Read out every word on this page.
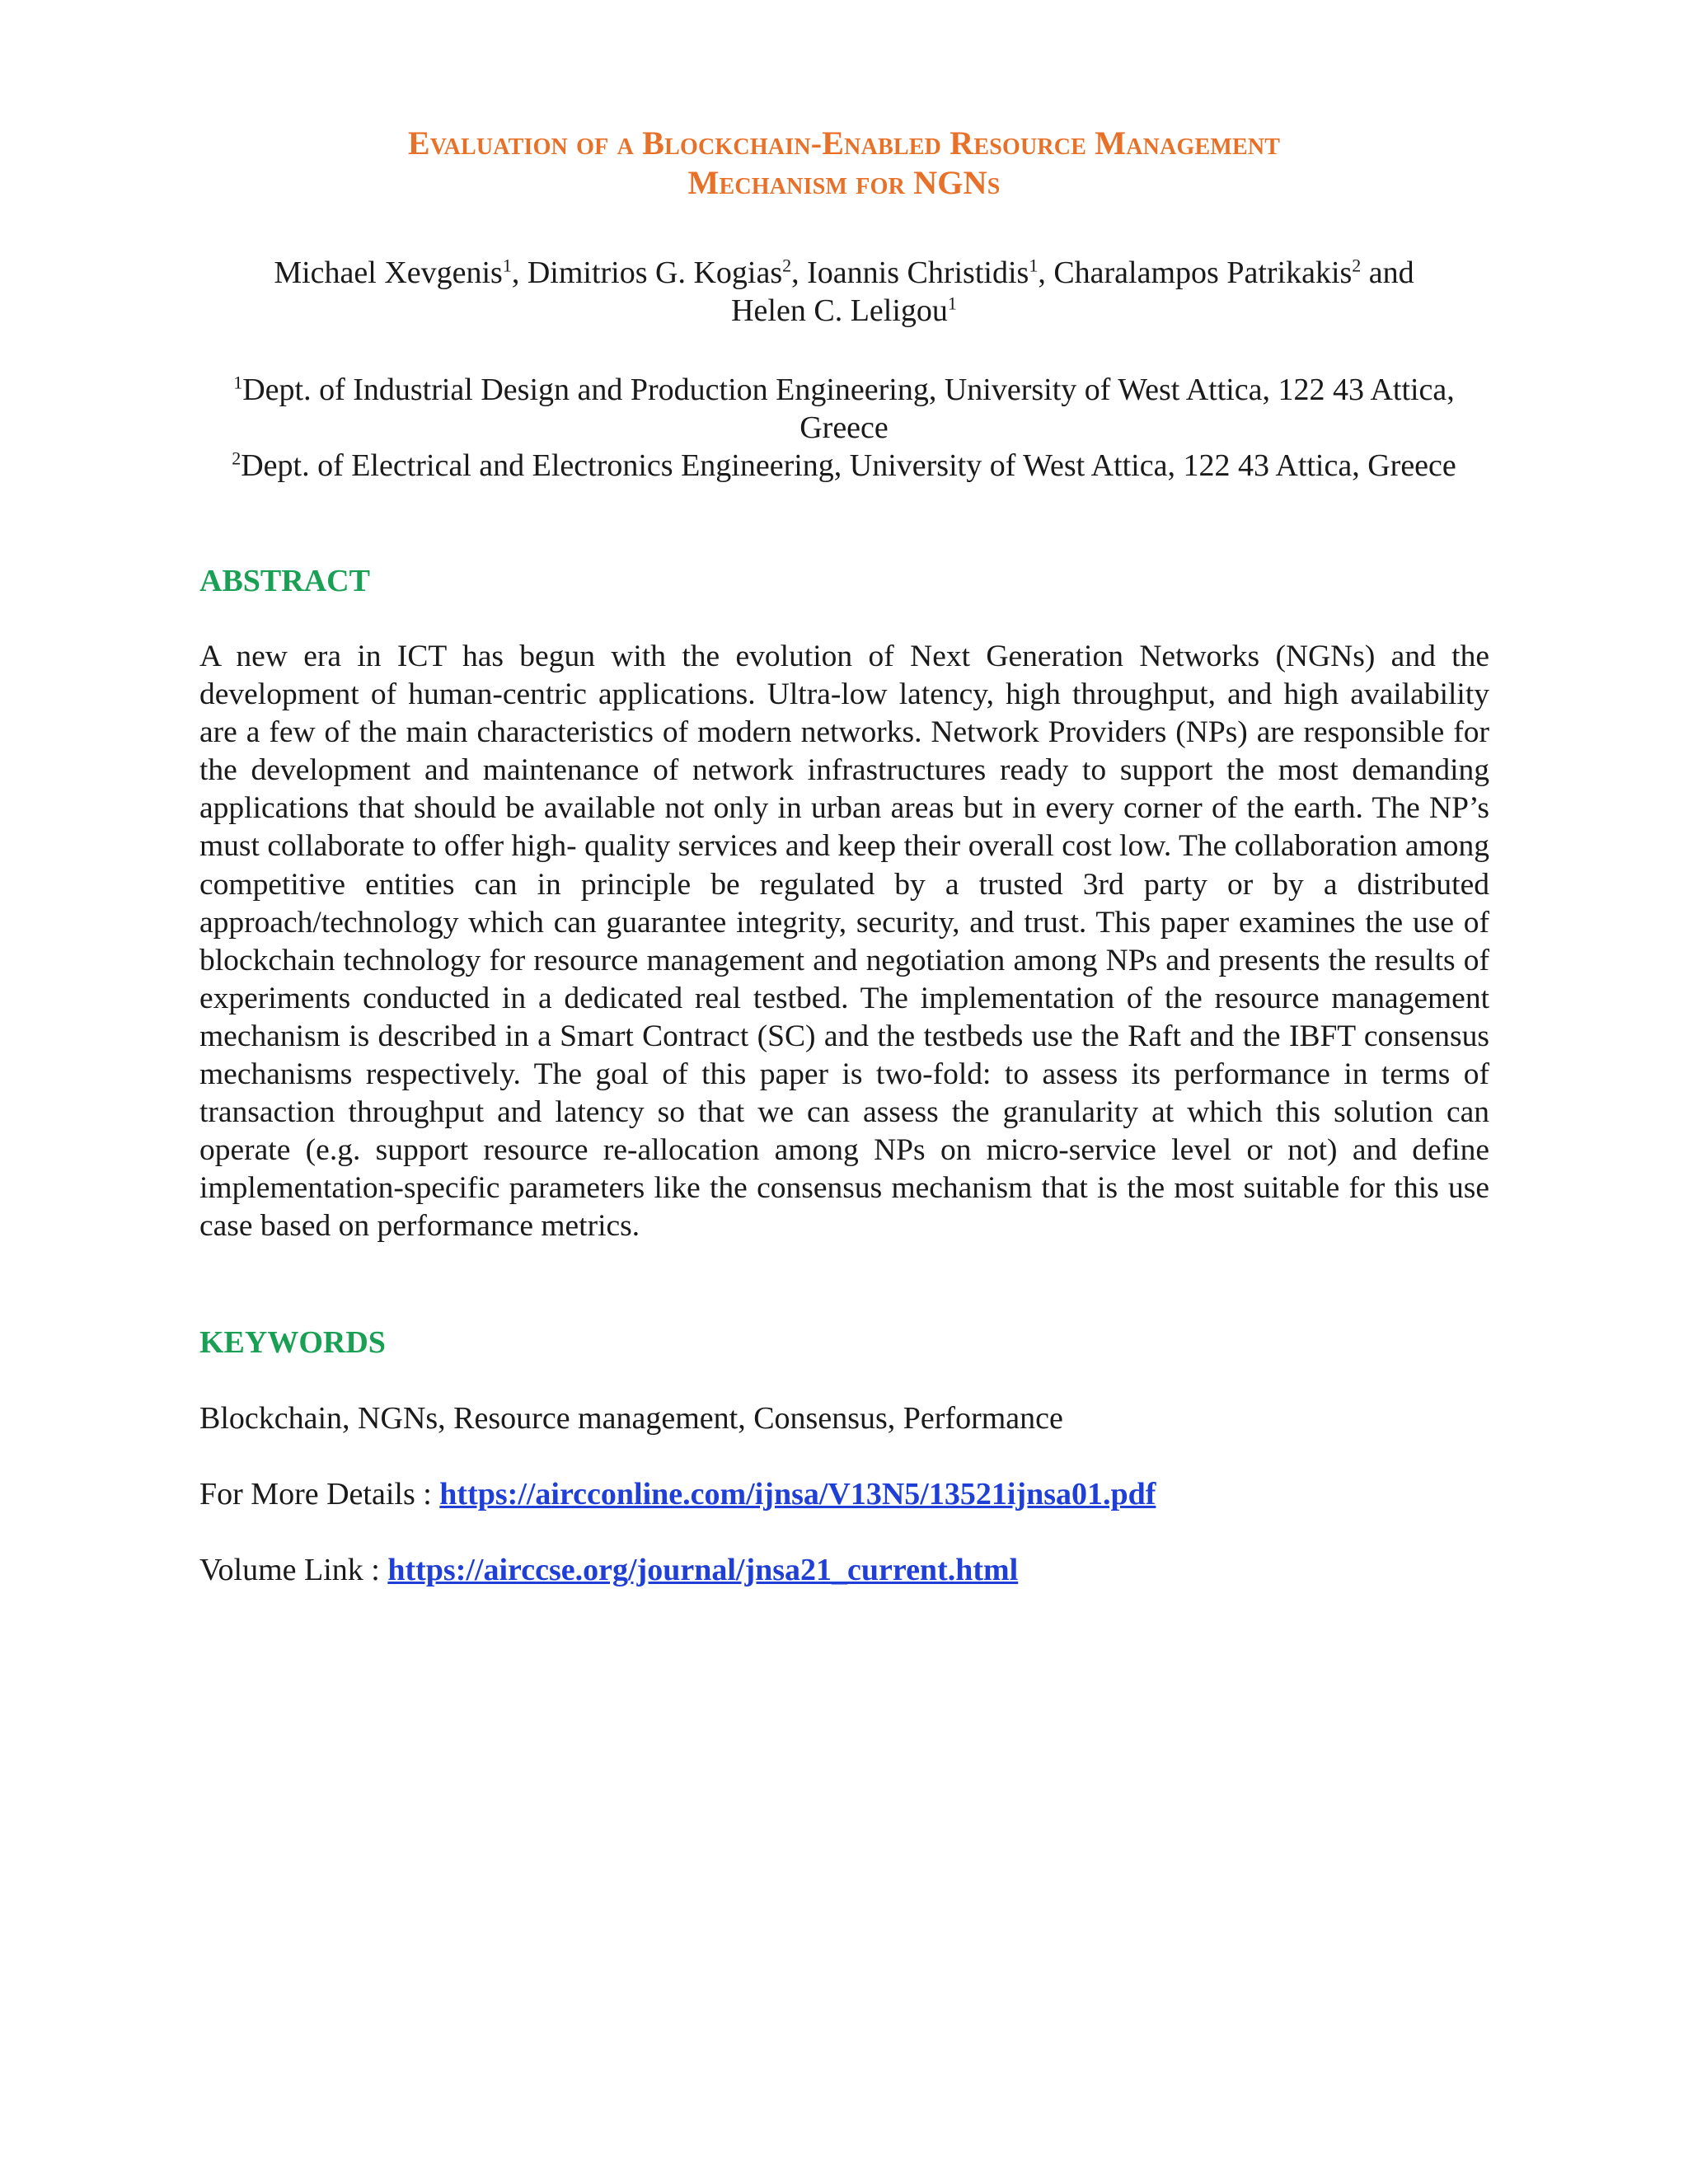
Evaluation of a Blockchain-Enabled Resource Management
Mechanism for NGNs
Michael Xevgenis$^1$, Dimitrios G. Kogias$^2$, Ioannis Christidis$^1$, Charalampos Patrikakis$^2$ and
Helen C. Leligou$^1$
$^1$Dept. of Industrial Design and Production Engineering, University of West Attica, 122 43 Attica, Greece
$^2$Dept. of Electrical and Electronics Engineering, University of West Attica, 122 43 Attica, Greece
ABSTRACT

A new era in ICT has begun with the evolution of Next Generation Networks (NGNs) and the development of human-centric applications. Ultra-low latency, high throughput, and high availability are a few of the main characteristics of modern networks. Network Providers (NPs) are responsible for the development and maintenance of network infrastructures ready to support the most demanding applications that should be available not only in urban areas but in every corner of the earth. The NP’s must collaborate to offer high- quality services and keep their overall cost low. The collaboration among competitive entities can in principle be regulated by a trusted 3rd party or by a distributed approach/technology which can guarantee integrity, security, and trust. This paper examines the use of blockchain technology for resource management and negotiation among NPs and presents the results of experiments conducted in a dedicated real testbed. The implementation of the resource management mechanism is described in a Smart Contract (SC) and the testbeds use the Raft and the IBFT consensus mechanisms respectively. The goal of this paper is two-fold: to assess its performance in terms of transaction throughput and latency so that we can assess the granularity at which this solution can operate (e.g. support resource re-allocation among NPs on micro-service level or not) and define implementation-specific parameters like the consensus mechanism that is the most suitable for this use case based on performance metrics.

KEYWORDS
Blockchain, NGNs, Resource management, Consensus, Performance
For More Details : https://aircconline.com/ijnsa/V13N5/13521ijnsa01.pdf
Volume Link : https://airccse.org/journal/jnsa21_current.html
